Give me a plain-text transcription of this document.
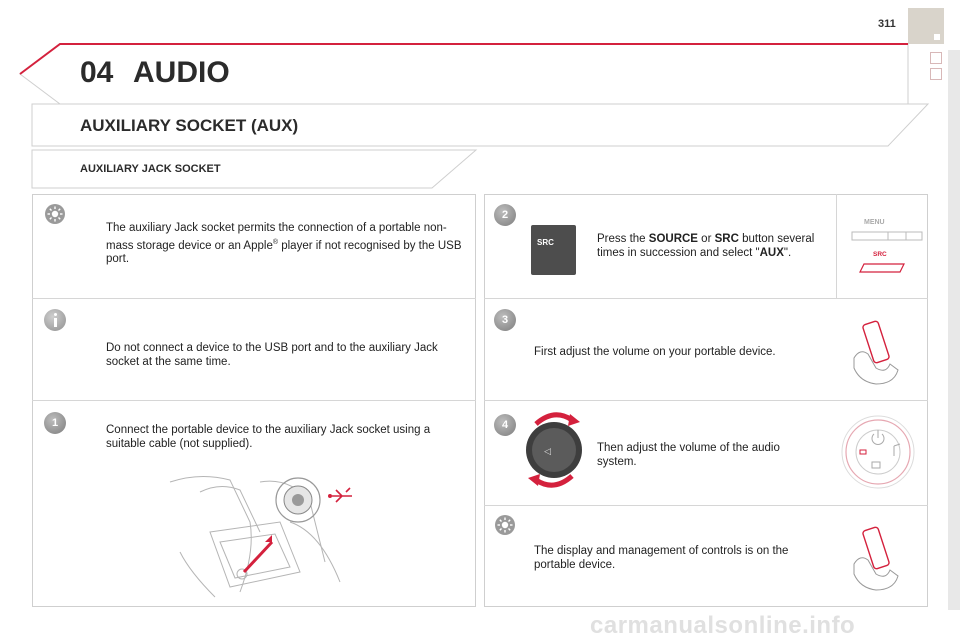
311
04 AUDIO
AUXILIARY SOCKET (AUX)
AUXILIARY JACK SOCKET
The auxiliary Jack socket permits the connection of a portable non-mass storage device or an Apple® player if not recognised by the USB port.
Do not connect a device to the USB port and to the auxiliary Jack socket at the same time.
1
Connect the portable device to the auxiliary Jack socket using a suitable cable (not supplied).
2
SRC	Press the SOURCE or SRC button several times in succession and select "AUX".
MENU
SRC
3
First adjust the volume on your portable device.
4
◁	Then adjust the volume of the audio system.
The display and management of controls is on the portable device.
carmanualsonline.info
